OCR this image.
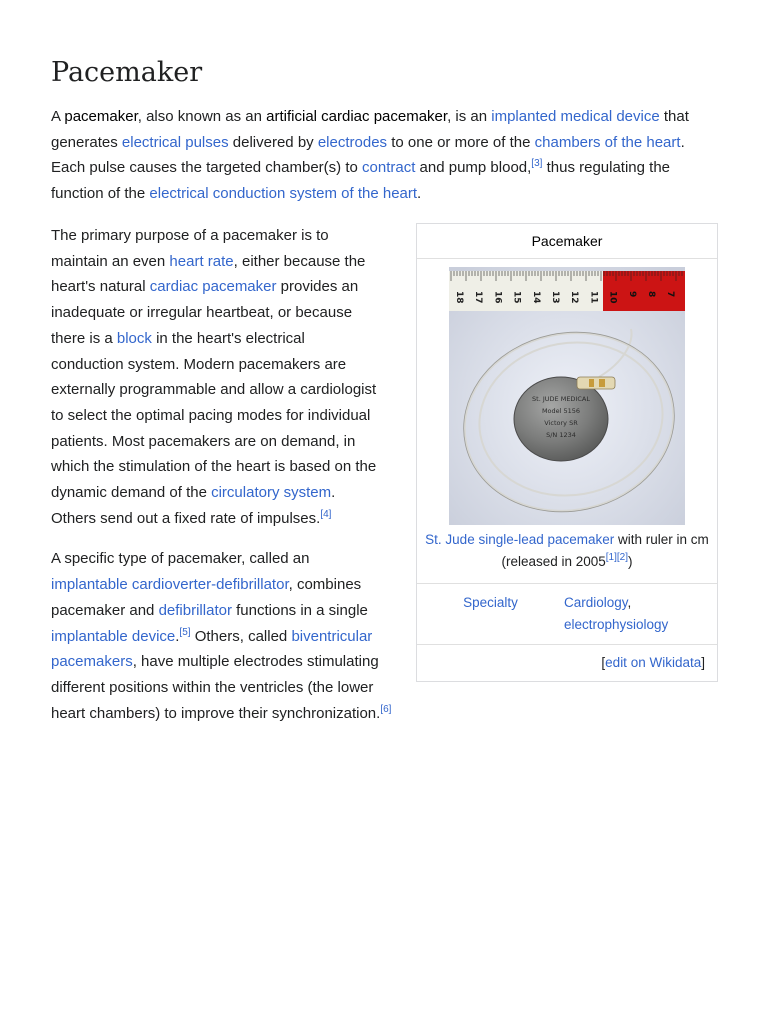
Pacemaker

A pacemaker, also known as an artificial cardiac pacemaker, is an implanted medical device that generates electrical pulses delivered by electrodes to one or more of the chambers of the heart. Each pulse causes the targeted chamber(s) to contract and pump blood,[3] thus regulating the function of the electrical conduction system of the heart.

Pacemaker
18 17 16 15 14 13 12 11 10 9 8 7
St. JUDE MEDICAL
Model 5156
Victory SR
S/N 1234
St. Jude single-lead pacemaker with ruler in cm (released in 2005[1][2])
Specialty	Cardiology,
electrophysiology
[edit on Wikidata]

The primary purpose of a pacemaker is to maintain an even heart rate, either because the heart's natural cardiac pacemaker provides an inadequate or irregular heartbeat, or because there is a block in the heart's electrical conduction system. Modern pacemakers are externally programmable and allow a cardiologist to select the optimal pacing modes for individual patients. Most pacemakers are on demand, in which the stimulation of the heart is based on the dynamic demand of the circulatory system. Others send out a fixed rate of impulses.[4]

A specific type of pacemaker, called an implantable cardioverter-defibrillator, combines pacemaker and defibrillator functions in a single implantable device.[5] Others, called biventricular pacemakers, have multiple electrodes stimulating different positions within the ventricles (the lower heart chambers) to improve their synchronization.[6]
